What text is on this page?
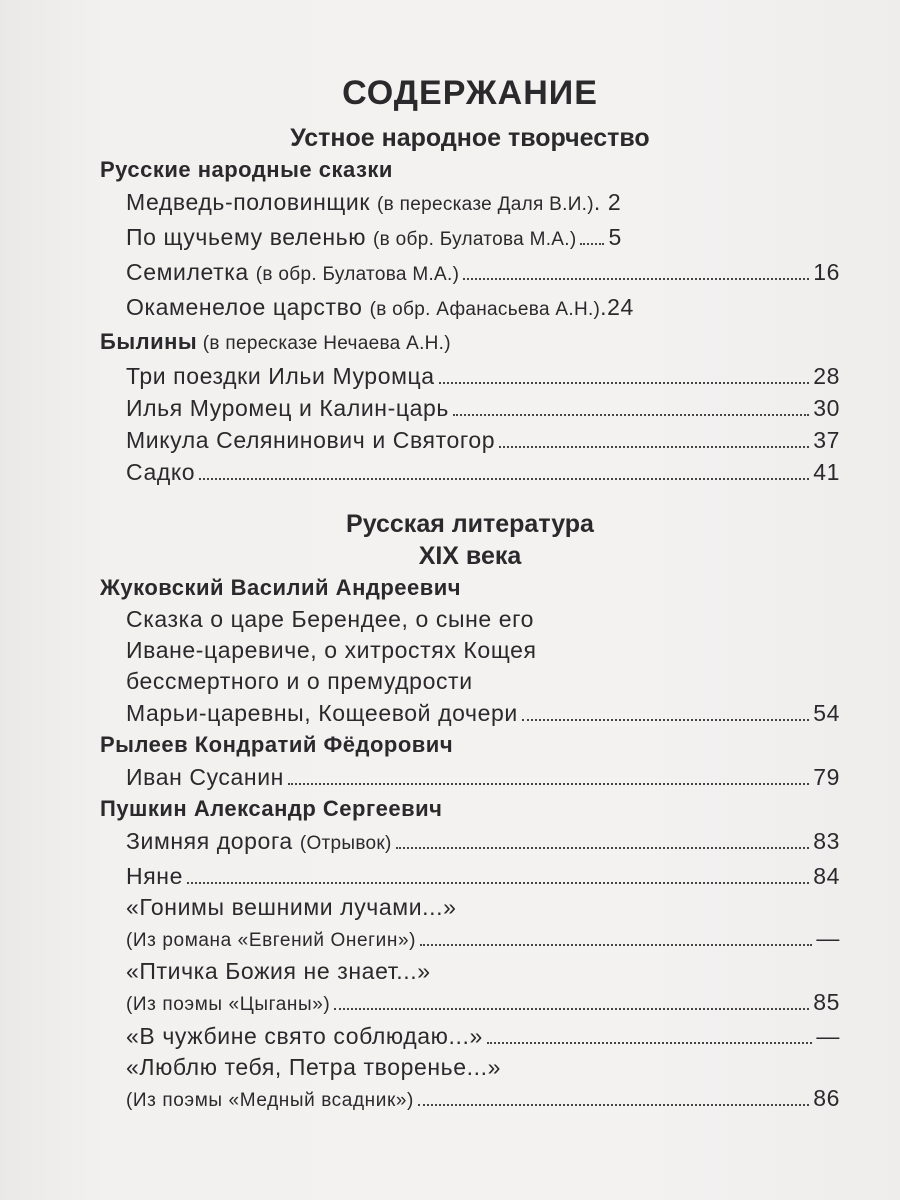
СОДЕРЖАНИЕ
Устное народное творчество
Русские народные сказки
Медведь-половинщик (в пересказе Даля В.И.) . 2
По щучьему веленью (в обр. Булатова М.А.) 5
Семилетка (в обр. Булатова М.А.)	16
Окаменелое царство (в обр. Афанасьева А.Н.) .24
Былины (в пересказе Нечаева А.Н.)
Три поездки Ильи Муромца	28
Илья Муромец и Калин-царь	30
Микула Селянинович и Святогор	37
Садко	41
Русская литература
XIX века
Жуковский Василий Андреевич
Сказка о царе Берендее, о сыне его
Иване-царевиче, о хитростях Кощея
бессмертного и о премудрости
Марьи-царевны, Кощеевой дочери	54
Рылеев Кондратий Фёдорович
Иван Сусанин	79
Пушкин Александр Сергеевич
Зимняя дорога (Отрывок)	83
Няне	84
«Гонимы вешними лучами...»
(Из романа «Евгений Онегин»)	—
«Птичка Божия не знает...»
(Из поэмы «Цыганы»)	85
«В чужбине свято соблюдаю...»	—
«Люблю тебя, Петра творенье...»
(Из поэмы «Медный всадник»)	86
